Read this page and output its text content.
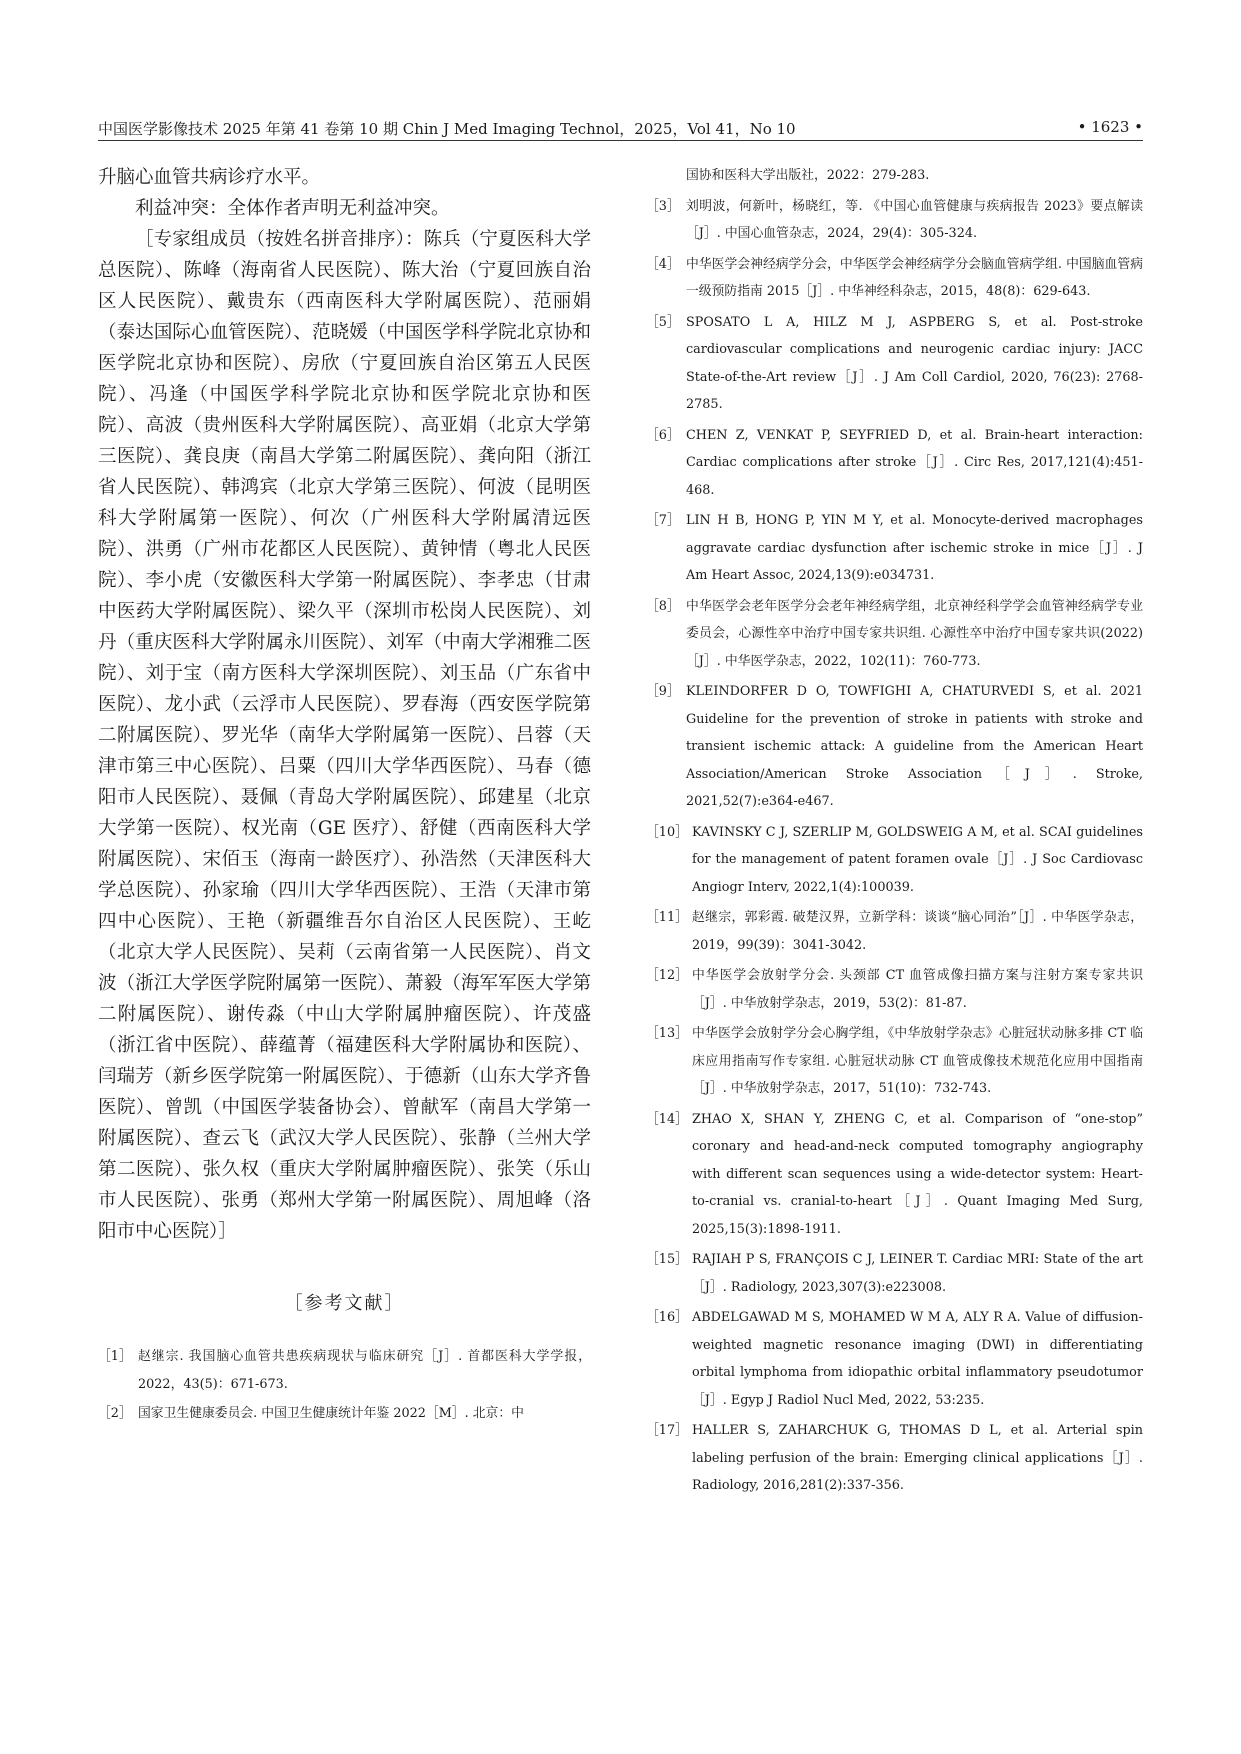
中国医学影像技术 2025 年第 41 卷第 10 期 Chin J Med Imaging Technol，2025，Vol 41，No 10	• 1623 •

升脑心血管共病诊疗水平。

利益冲突：全体作者声明无利益冲突。

［专家组成员（按姓名拼音排序）：陈兵（宁夏医科大学总医院）、陈峰（海南省人民医院）、陈大治（宁夏回族自治区人民医院）、戴贵东（西南医科大学附属医院）、范丽娟（泰达国际心血管医院）、范晓媛（中国医学科学院北京协和医学院北京协和医院）、房欣（宁夏回族自治区第五人民医院）、冯逢（中国医学科学院北京协和医学院北京协和医院）、高波（贵州医科大学附属医院）、高亚娟（北京大学第三医院）、龚良庚（南昌大学第二附属医院）、龚向阳（浙江省人民医院）、韩鸿宾（北京大学第三医院）、何波（昆明医科大学附属第一医院）、何次（广州医科大学附属清远医院）、洪勇（广州市花都区人民医院）、黄钟情（粤北人民医院）、李小虎（安徽医科大学第一附属医院）、李孝忠（甘肃中医药大学附属医院）、梁久平（深圳市松岗人民医院）、刘丹（重庆医科大学附属永川医院）、刘军（中南大学湘雅二医院）、刘于宝（南方医科大学深圳医院）、刘玉品（广东省中医院）、龙小武（云浮市人民医院）、罗春海（西安医学院第二附属医院）、罗光华（南华大学附属第一医院）、吕蓉（天津市第三中心医院）、吕粟（四川大学华西医院）、马春（德阳市人民医院）、聂佩（青岛大学附属医院）、邱建星（北京大学第一医院）、权光南（GE 医疗）、舒健（西南医科大学附属医院）、宋佰玉（海南一龄医疗）、孙浩然（天津医科大学总医院）、孙家瑜（四川大学华西医院）、王浩（天津市第四中心医院）、王艳（新疆维吾尔自治区人民医院）、王屹（北京大学人民医院）、吴莉（云南省第一人民医院）、肖文波（浙江大学医学院附属第一医院）、萧毅（海军军医大学第二附属医院）、谢传淼（中山大学附属肿瘤医院）、许茂盛（浙江省中医院）、薛蕴菁（福建医科大学附属协和医院）、闫瑞芳（新乡医学院第一附属医院）、于德新（山东大学齐鲁医院）、曾凯（中国医学装备协会）、曾献军（南昌大学第一附属医院）、查云飞（武汉大学人民医院）、张静（兰州大学第二医院）、张久权（重庆大学附属肿瘤医院）、张笑（乐山市人民医院）、张勇（郑州大学第一附属医院）、周旭峰（洛阳市中心医院）］

［参考文献］

［1］ 赵继宗. 我国脑心血管共患疾病现状与临床研究［J］. 首都医科大学学报，2022，43(5)：671-673.

［2］ 国家卫生健康委员会. 中国卫生健康统计年鉴 2022［M］. 北京：中

国协和医科大学出版社，2022：279-283.

［3］ 刘明波，何新叶，杨晓红，等. 《中国心血管健康与疾病报告 2023》要点解读［J］. 中国心血管杂志，2024，29(4)：305-324.

［4］ 中华医学会神经病学分会，中华医学会神经病学分会脑血管病学组. 中国脑血管病一级预防指南 2015［J］. 中华神经科杂志，2015，48(8)：629-643.

［5］ SPOSATO L A, HILZ M J, ASPBERG S, et al. Post-stroke cardiovascular complications and neurogenic cardiac injury: JACC State-of-the-Art review［J］. J Am Coll Cardiol, 2020, 76(23): 2768-2785.

［6］ CHEN Z, VENKAT P, SEYFRIED D, et al. Brain-heart interaction: Cardiac complications after stroke［J］. Circ Res, 2017,121(4):451-468.

［7］ LIN H B, HONG P, YIN M Y, et al. Monocyte-derived macrophages aggravate cardiac dysfunction after ischemic stroke in mice［J］. J Am Heart Assoc, 2024,13(9):e034731.

［8］ 中华医学会老年医学分会老年神经病学组，北京神经科学学会血管神经病学专业委员会，心源性卒中治疗中国专家共识组. 心源性卒中治疗中国专家共识(2022)［J］. 中华医学杂志，2022，102(11)：760-773.

［9］ KLEINDORFER D O, TOWFIGHI A, CHATURVEDI S, et al. 2021 Guideline for the prevention of stroke in patients with stroke and transient ischemic attack: A guideline from the American Heart Association/American Stroke Association［J］. Stroke, 2021,52(7):e364-e467.

［10］ KAVINSKY C J, SZERLIP M, GOLDSWEIG A M, et al. SCAI guidelines for the management of patent foramen ovale［J］. J Soc Cardiovasc Angiogr Interv, 2022,1(4):100039.

［11］ 赵继宗，郭彩霞. 破楚汉界，立新学科：谈谈“脑心同治”［J］. 中华医学杂志，2019，99(39)：3041-3042.

［12］ 中华医学会放射学分会. 头颈部 CT 血管成像扫描方案与注射方案专家共识［J］. 中华放射学杂志，2019，53(2)：81-87.

［13］ 中华医学会放射学分会心胸学组，《中华放射学杂志》心脏冠状动脉多排 CT 临床应用指南写作专家组. 心脏冠状动脉 CT 血管成像技术规范化应用中国指南［J］. 中华放射学杂志，2017，51(10)：732-743.

［14］ ZHAO X, SHAN Y, ZHENG C, et al. Comparison of “one-stop” coronary and head-and-neck computed tomography angiography with different scan sequences using a wide-detector system: Heart-to-cranial vs. cranial-to-heart［J］. Quant Imaging Med Surg, 2025,15(3):1898-1911.

［15］ RAJIAH P S, FRANÇOIS C J, LEINER T. Cardiac MRI: State of the art［J］. Radiology, 2023,307(3):e223008.

［16］ ABDELGAWAD M S, MOHAMED W M A, ALY R A. Value of diffusion-weighted magnetic resonance imaging (DWI) in differentiating orbital lymphoma from idiopathic orbital inflammatory pseudotumor［J］. Egyp J Radiol Nucl Med, 2022, 53:235.

［17］ HALLER S, ZAHARCHUK G, THOMAS D L, et al. Arterial spin labeling perfusion of the brain: Emerging clinical applications［J］. Radiology, 2016,281(2):337-356.
